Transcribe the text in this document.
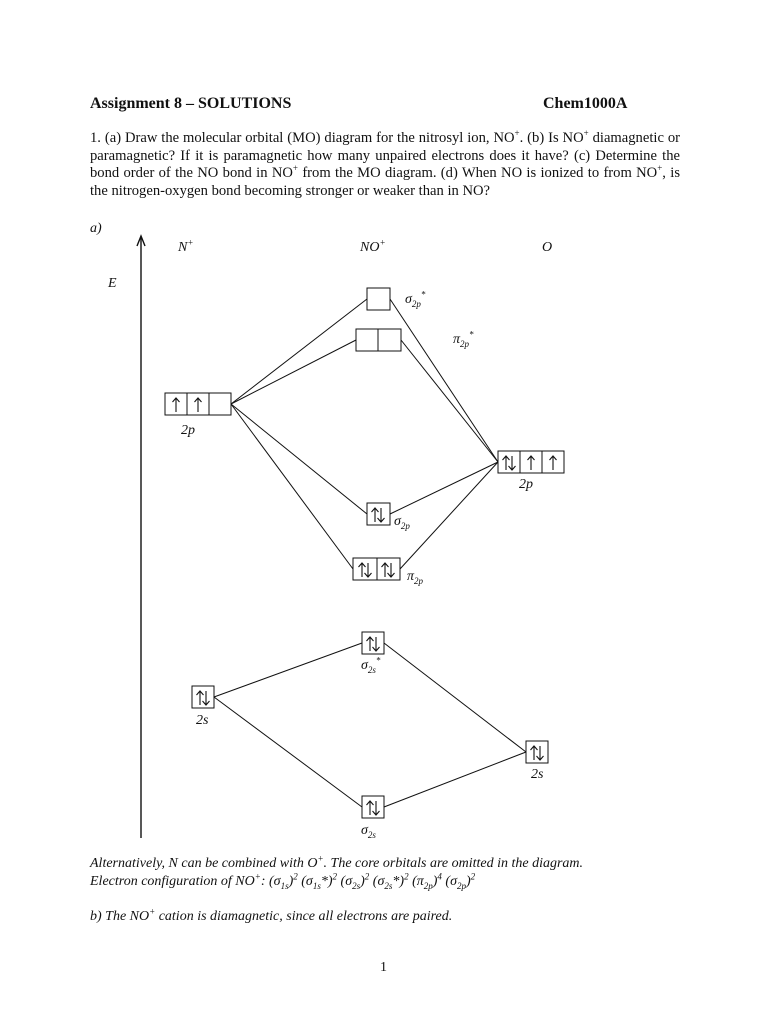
Assignment 8 – SOLUTIONS	Chem1000A
1. (a) Draw the molecular orbital (MO) diagram for the nitrosyl ion, NO+. (b) Is NO+ diamagnetic or paramagnetic? If it is paramagnetic how many unpaired electrons does it have? (c) Determine the bond order of the NO bond in NO+ from the MO diagram. (d) When NO is ionized to from NO+, is the nitrogen-oxygen bond becoming stronger or weaker than in NO?
a)
E
N+	NO+	O
$\sigma_{2p}^*$
$\pi_{2p}^*$
2p
2p
$\sigma_{2p}$
$\pi_{2p}$
$\sigma_{2s}^*$
2s
2s
$\sigma_{2s}$
Alternatively, N can be combined with O+. The core orbitals are omitted in the diagram.
Electron configuration of NO+: $(\sigma_{1s})^2$ $(\sigma_{1s}*)^2$ $(\sigma_{2s})^2$ $(\sigma_{2s}*)^2$ $(\pi_{2p})^4$ $(\sigma_{2p})^2$
b) The NO+ cation is diamagnetic, since all electrons are paired.
1
